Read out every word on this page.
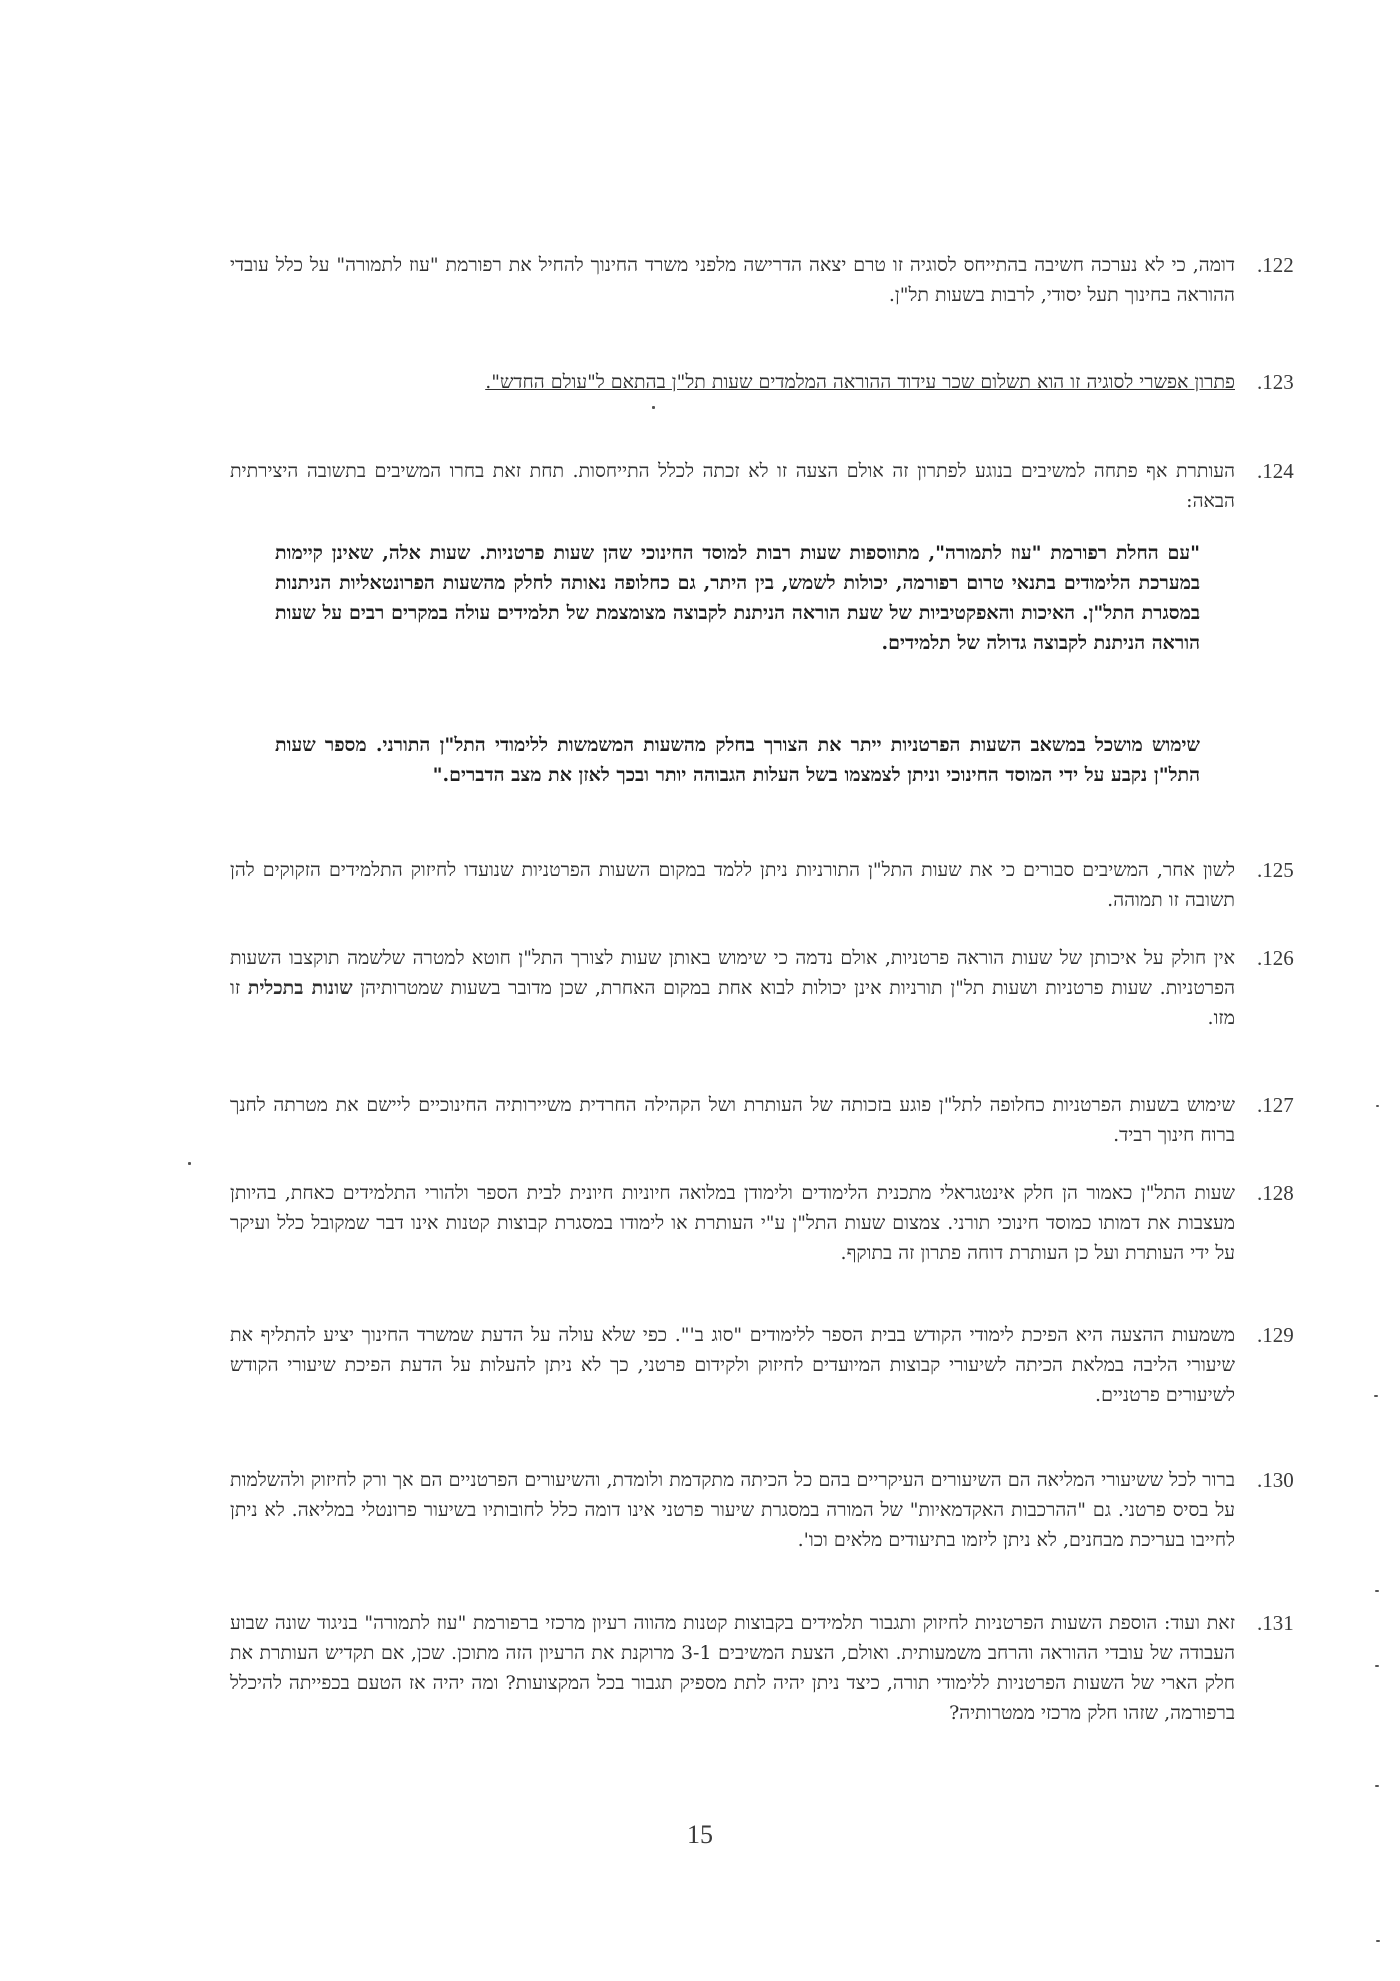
.122
דומה, כי לא נערכה חשיבה בהתייחס לסוגיה זו טרם יצאה הדרישה מלפני משרד החינוך להחיל את רפורמת "עוז לתמורה" על כלל עובדי ההוראה בחינוך תעל יסודי, לרבות בשעות תל"ן.
.123
פתרון אפשרי לסוגיה זו הוא תשלום שכר עידוד ההוראה המלמדים שעות תל"ן בהתאם ל"עולם החדש".
.124
העותרת אף פתחה למשיבים בנוגע לפתרון זה אולם הצעה זו לא זכתה לכלל התייחסות. תחת זאת בחרו המשיבים בתשובה היצירתית הבאה:
"עם החלת רפורמת "עוז לתמורה", מתווספות שעות רבות למוסד החינוכי שהן שעות פרטניות. שעות אלה, שאינן קיימות במערכת הלימודים בתנאי טרום רפורמה, יכולות לשמש, בין היתר, גם כחלופה נאותה לחלק מהשעות הפרונטאליות הניתנות במסגרת התל"ן. האיכות והאפקטיביות של שעת הוראה הניתנת לקבוצה מצומצמת של תלמידים עולה במקרים רבים על שעות הוראה הניתנת לקבוצה גדולה של תלמידים.
שימוש מושכל במשאב השעות הפרטניות ייתר את הצורך בחלק מהשעות המשמשות ללימודי התל"ן התורני. מספר שעות התל"ן נקבע על ידי המוסד החינוכי וניתן לצמצמו בשל העלות הגבוהה יותר ובכך לאזן את מצב הדברים."
.125
לשון אחר, המשיבים סבורים כי את שעות התל"ן התורניות ניתן ללמד במקום השעות הפרטניות שנועדו לחיזוק התלמידים הזקוקים להן תשובה זו תמוהה.
.126
אין חולק על איכותן של שעות הוראה פרטניות, אולם נדמה כי שימוש באותן שעות לצורך התל"ן חוטא למטרה שלשמה תוקצבו השעות הפרטניות. שעות פרטניות ושעות תל"ן תורניות אינן יכולות לבוא אחת במקום האחרת, שכן מדובר בשעות שמטרותיהן שונות בתכלית זו מזו.
.127
שימוש בשעות הפרטניות כחלופה לתל"ן פוגע בזכותה של העותרת ושל הקהילה החרדית משיירותיה החינוכיים ליישם את מטרתה לחנך ברוח חינוך רביד.
.128
שעות התל"ן כאמור הן חלק אינטגראלי מתכנית הלימודים ולימודן במלואה חיוניות חיונית לבית הספר ולהורי התלמידים כאחת, בהיותן מעצבות את דמותו כמוסד חינוכי תורני. צמצום שעות התל"ן ע"י העותרת או לימודו במסגרת קבוצות קטנות אינו דבר שמקובל כלל ועיקר על ידי העותרת ועל כן העותרת דוחה פתרון זה בתוקף.
.129
משמעות ההצעה היא הפיכת לימודי הקודש בבית הספר ללימודים "סוג ב'". כפי שלא עולה על הדעת שמשרד החינוך יציע להתליף את שיעורי הליבה במלאת הכיתה לשיעורי קבוצות המיועדים לחיזוק ולקידום פרטני, כך לא ניתן להעלות על הדעת הפיכת שיעורי הקודש לשיעורים פרטניים.
.130
ברור לכל ששיעורי המליאה הם השיעורים העיקריים בהם כל הכיתה מתקדמת ולומדת, והשיעורים הפרטניים הם אך ורק לחיזוק ולהשלמות על בסיס פרטני. גם "ההרכבות האקדמאיות" של המורה במסגרת שיעור פרטני אינו דומה כלל לחובותיו בשיעור פרונטלי במליאה. לא ניתן לחייבו בעריכת מבחנים, לא ניתן ליזמו בתיעודים מלאים וכו'.
.131
זאת ועוד: הוספת השעות הפרטניות לחיזוק ותגבור תלמידים בקבוצות קטנות מהווה רעיון מרכזי ברפורמת "עוז לתמורה" בניגוד שונה שבוע העבודה של עובדי ההוראה והרחב משמעותית. ואולם, הצעת המשיבים 3-1 מרוקנת את הרעיון הזה מתוכן. שכן, אם תקדיש העותרת את חלק הארי של השעות הפרטניות ללימודי תורה, כיצד ניתן יהיה לתת מספיק תגבור בכל המקצועות? ומה יהיה אז הטעם בכפייתה להיכלל ברפורמה, שזהו חלק מרכזי ממטרותיה?
15
